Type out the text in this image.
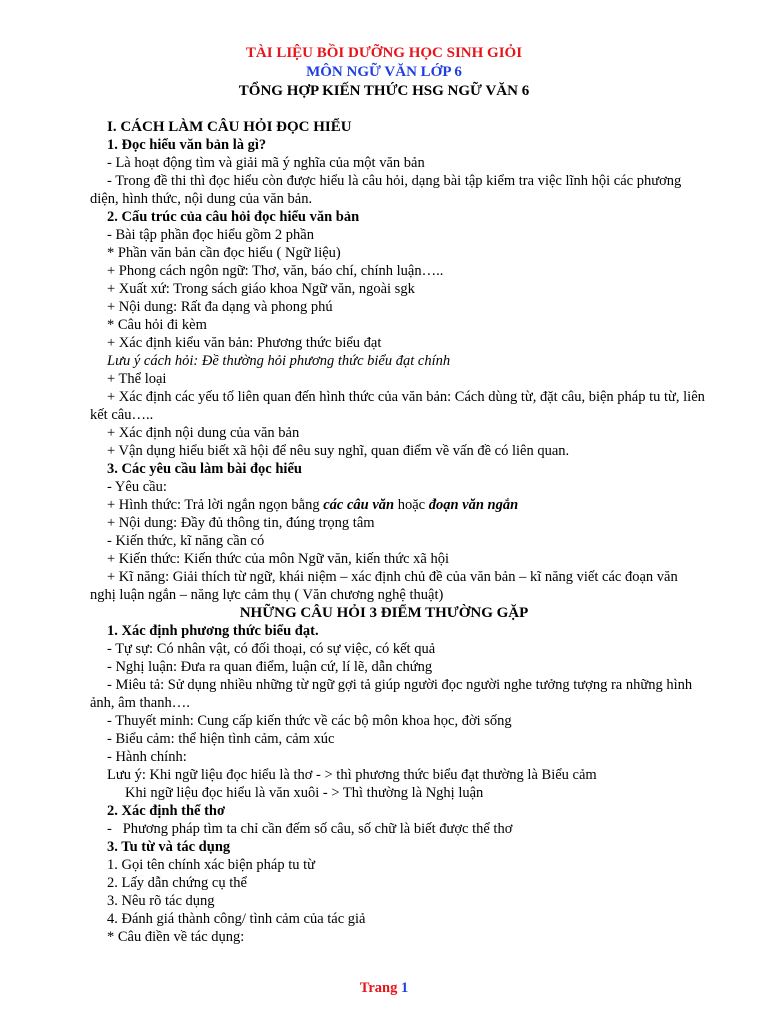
TÀI LIỆU BỒI DƯỠNG HỌC SINH GIỎI
MÔN NGỮ VĂN LỚP 6
TỔNG HỢP KIẾN THỨC HSG NGỮ VĂN 6
I. CÁCH LÀM CÂU HỎI ĐỌC HIỂU
1. Đọc hiểu văn bản là gì?
- Là hoạt động tìm và giải mã ý nghĩa của một văn bản
- Trong đề thi thì đọc hiểu còn được hiểu là câu hỏi, dạng bài tập kiểm tra việc lĩnh hội các phương
diện, hình thức, nội dung của văn bản.
2. Cấu trúc của câu hỏi đọc hiểu văn bản
- Bài tập phần đọc hiểu gồm 2 phần
* Phần văn bản cần đọc hiểu ( Ngữ liệu)
+ Phong cách ngôn ngữ: Thơ, văn, báo chí, chính luận…..
+ Xuất xứ: Trong sách giáo khoa Ngữ văn, ngoài sgk
+ Nội dung: Rất đa dạng và phong phú
* Câu hỏi đi kèm
+ Xác định kiểu văn bản: Phương thức biểu đạt
Lưu ý cách hỏi: Đề thường hỏi phương thức biểu đạt chính
+ Thể loại
+ Xác định các yếu tố liên quan đến hình thức của văn bản: Cách dùng từ, đặt câu, biện pháp tu từ, liên
kết câu…..
+ Xác định nội dung của văn bản
+ Vận dụng hiểu biết xã hội để nêu suy nghĩ, quan điểm về vấn đề có liên quan.
3. Các yêu cầu làm bài đọc hiểu
- Yêu cầu:
+ Hình thức: Trả lời ngắn ngọn bằng các câu văn hoặc đoạn văn ngắn
+ Nội dung: Đầy đủ thông tin, đúng trọng tâm
- Kiến thức, kĩ năng cần có
+ Kiến thức: Kiến thức của môn Ngữ văn, kiến thức xã hội
+ Kĩ năng: Giải thích từ ngữ, khái niệm – xác định chủ đề của văn bản – kĩ năng viết các đoạn văn
nghị luận ngắn – năng lực cảm thụ ( Văn chương nghệ thuật)
NHỮNG CÂU HỎI 3 ĐIỂM THƯỜNG GẶP
1. Xác định phương thức biểu đạt.
- Tự sự: Có nhân vật, có đối thoại, có sự việc, có kết quả
- Nghị luận: Đưa ra quan điểm, luận cứ, lí lẽ, dẫn chứng
- Miêu tả: Sử dụng nhiều những từ ngữ gợi tả giúp người đọc người nghe tưởng tượng ra những hình
ảnh, âm thanh….
- Thuyết minh: Cung cấp kiến thức về các bộ môn khoa học, đời sống
- Biểu cảm: thể hiện tình cảm, cảm xúc
- Hành chính:
Lưu ý: Khi ngữ liệu đọc hiểu là thơ - > thì phương thức biểu đạt thường là Biểu cảm
Khi ngữ liệu đọc hiểu là văn xuôi - > Thì thường là Nghị luận
2. Xác định thể thơ
-   Phương pháp tìm ta chỉ cần đếm số câu, số chữ là biết được thể thơ
3. Tu từ và tác dụng
1. Gọi tên chính xác biện pháp tu từ
2. Lấy dẫn chứng cụ thể
3. Nêu rõ tác dụng
4. Đánh giá thành công/ tình cảm của tác giả
* Câu điền về tác dụng:
Trang 1
